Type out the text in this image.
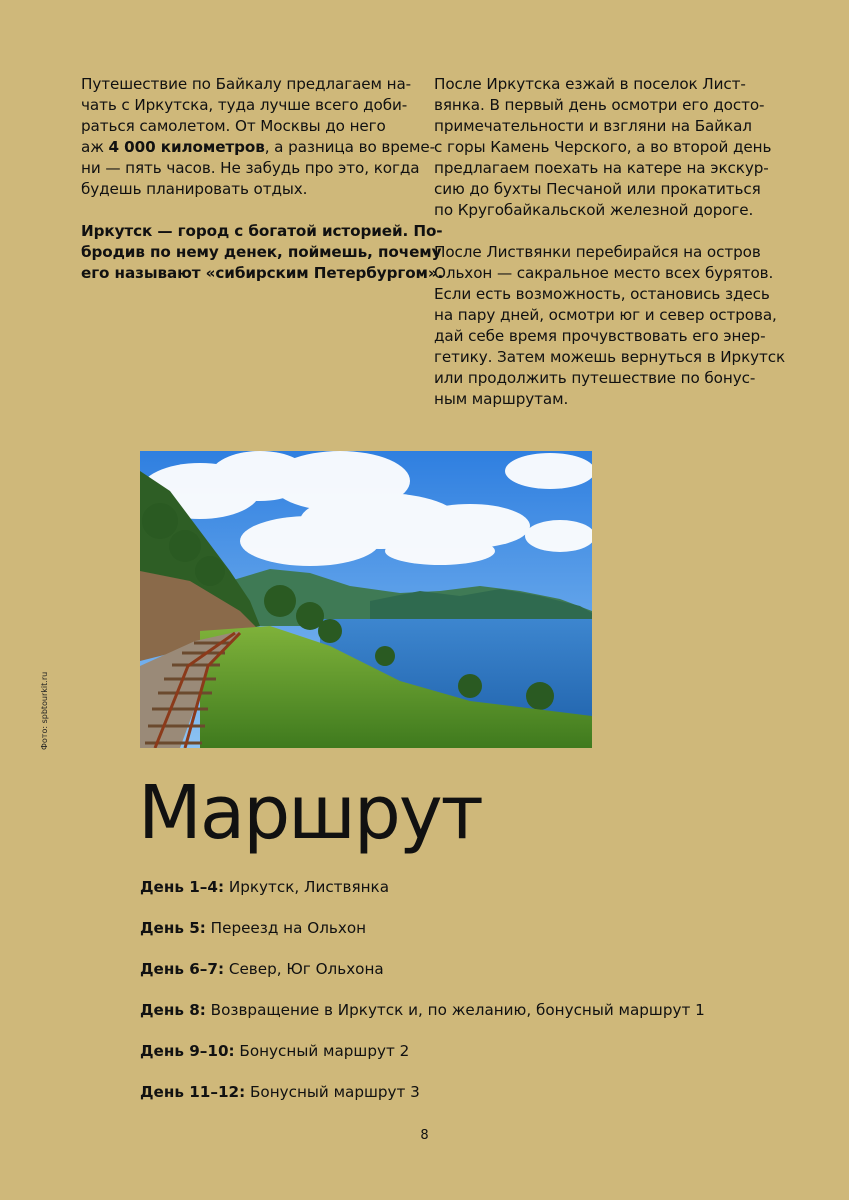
Путешествие по Байкалу предлагаем на-
чать с Иркутска, туда лучше всего доби-
раться самолетом. От Москвы до него
аж 4 000 километров, а разница во време-
ни — пять часов. Не забудь про это, когда
будешь планировать отдых.

Иркутск — город с богатой историей. По-
бродив по нему денек, поймешь, почему
его называют «сибирским Петербургом».

После Иркутска езжай в поселок Лист-
вянка. В первый день осмотри его досто-
примечательности и взгляни на Байкал
с горы Камень Черского, а во второй день
предлагаем поехать на катере на экскур-
сию до бухты Песчаной или прокатиться
по Кругобайкальской железной дороге.

После Листвянки перебирайся на остров
Ольхон — сакральное место всех бурятов.
Если есть возможность, остановись здесь
на пару дней, осмотри юг и север острова,
дай себе время прочувствовать его энер-
гетику. Затем можешь вернуться в Иркутск
или продолжить путешествие по бонус-
ным маршрутам.

Фото: spbtourkit.ru
Маршрут
День 1–4: Иркутск, Листвянка
День 5: Переезд на Ольхон
День 6–7: Север, Юг Ольхона
День 8: Возвращение в Иркутск и, по желанию, бонусный маршрут 1
День 9–10: Бонусный маршрут 2
День 11–12: Бонусный маршрут 3
8
